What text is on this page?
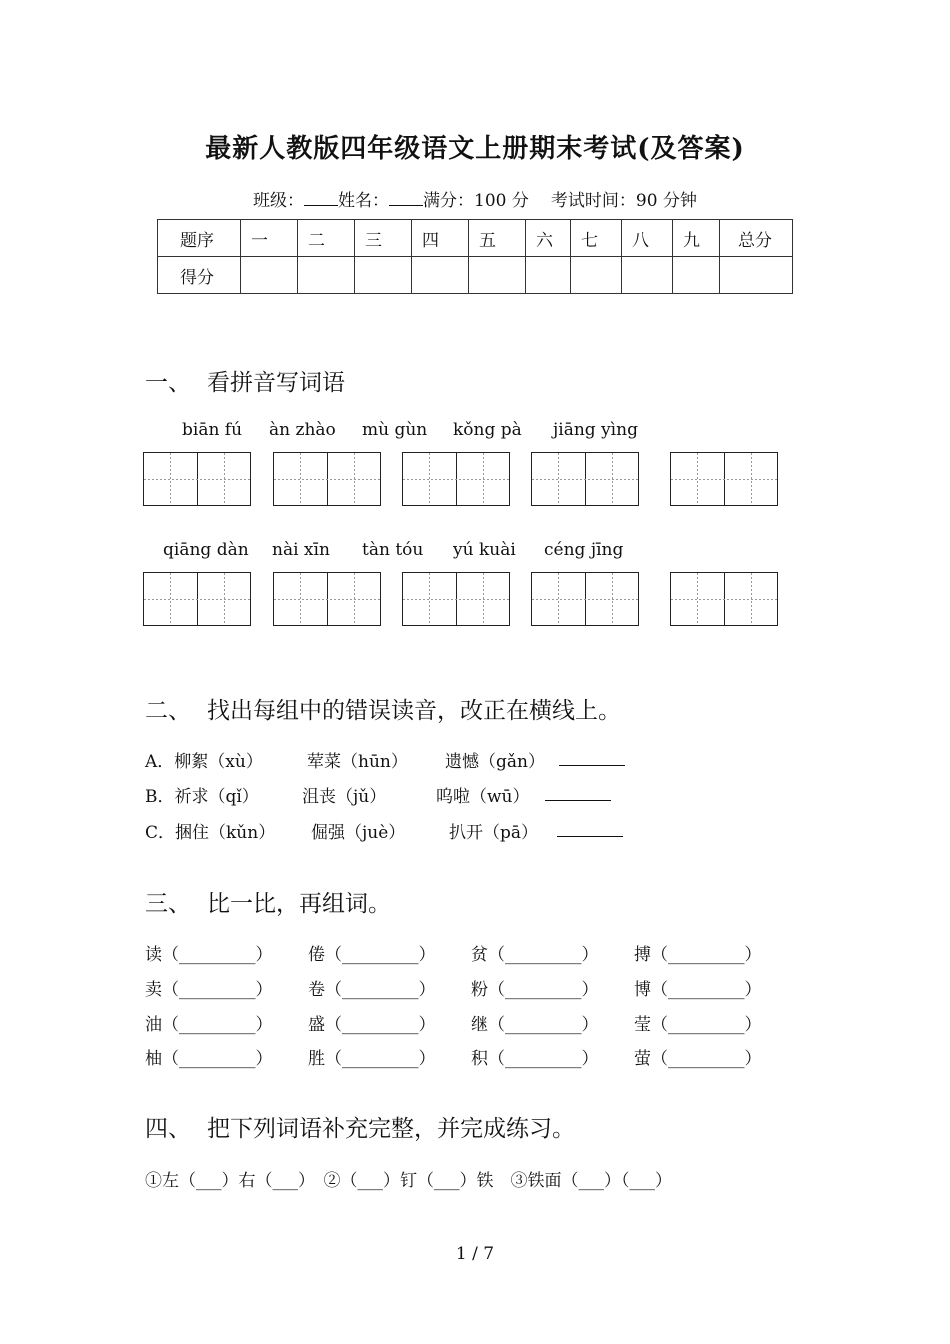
最新人教版四年级语文上册期末考试(及答案)
班级： 姓名： 满分：100 分 考试时间：90 分钟
题序	一	二	三	四	五	六	七	八	九	总分
得分										
一、 看拼音写词语
biān fú àn zhào mù gùn kǒng pà jiāng yìng
qiāng dàn nài xīn tàn tóu yú kuài céng jīng
二、 找出每组中的错误读音，改正在横线上。
A．柳絮（xù）	荤菜（hūn） 遗憾（gǎn）
B．祈求（qǐ）	沮丧（jǔ）	呜啦（wū）
C．捆住（kǔn） 倔强（juè）	扒开（pā）
三、 比一比，再组词。
读（_________） 倦（_________） 贫（_________） 搏（_________）
卖（_________） 卷（_________） 粉（_________） 博（_________）
油（_________） 盛（_________） 继（_________） 莹（_________）
柚（_________） 胜（_________） 积（_________） 萤（_________）
四、 把下列词语补充完整，并完成练习。
①左（___）右（___）　②（___）钉（___）铁　③铁面（___）（___）
1 / 7
